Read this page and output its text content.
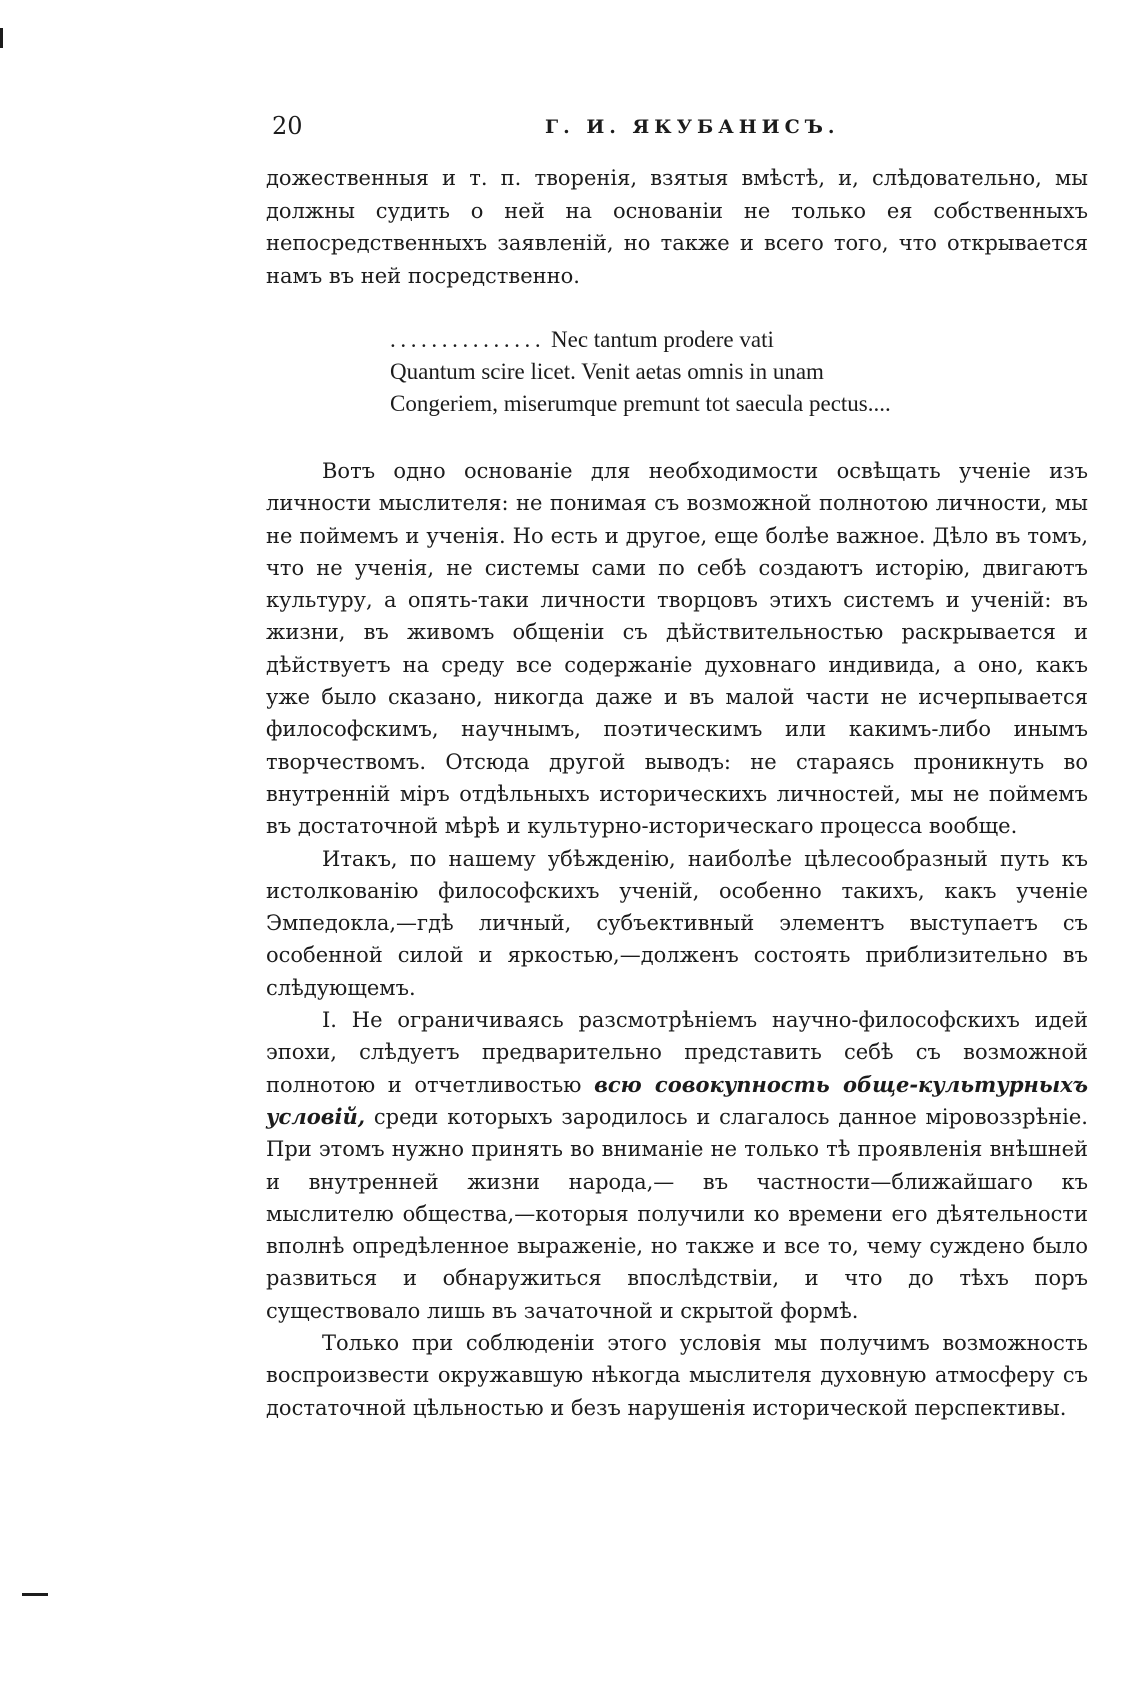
20	Г. И. ЯКУБАНИСЪ.

дожественныя и т. п. творенія, взятыя вмѣстѣ, и, слѣдовательно, мы должны судить о ней на основаніи не только ея собственныхъ непосредственныхъ заявленій, но также и всего того, что открывается намъ въ ней посредственно.

............... Nec tantum prodere vati
Quantum scire licet. Venit aetas omnis in unam
Congeriem, miserumque premunt tot saecula pectus....

Вотъ одно основаніе для необходимости освѣщать ученіе изъ личности мыслителя: не понимая съ возможной полнотою личности, мы не поймемъ и ученія. Но есть и другое, еще болѣе важное. Дѣло въ томъ, что не ученія, не системы сами по себѣ создаютъ исторію, двигаютъ культуру, а опять-таки личности творцовъ этихъ системъ и ученій: въ жизни, въ живомъ общеніи съ дѣйствительностью раскрывается и дѣйствуетъ на среду все содержаніе духовнаго индивида, а оно, какъ уже было сказано, никогда даже и въ малой части не исчерпывается философскимъ, научнымъ, поэтическимъ или какимъ-либо инымъ творчествомъ. Отсюда другой выводъ: не стараясь проникнуть во внутренній міръ отдѣльныхъ историческихъ личностей, мы не поймемъ въ достаточной мѣрѣ и культурно-историческаго процесса вообще.

Итакъ, по нашему убѣжденію, наиболѣе цѣлесообразный путь къ истолкованію философскихъ ученій, особенно такихъ, какъ ученіе Эмпедокла,—гдѣ личный, субъективный элементъ выступаетъ съ особенной силой и яркостью,—долженъ состоять приблизительно въ слѣдующемъ.

I. Не ограничиваясь разсмотрѣніемъ научно-философскихъ идей эпохи, слѣдуетъ предварительно представить себѣ съ возможной полнотою и отчетливостью всю совокупность обще-культурныхъ условій, среди которыхъ зародилось и слагалось данное міровоззрѣніе. При этомъ нужно принять во вниманіе не только тѣ проявленія внѣшней и внутренней жизни народа,— въ частности—ближайшаго къ мыслителю общества,—которыя получили ко времени его дѣятельности вполнѣ опредѣленное выраженіе, но также и все то, чему суждено было развиться и обнаружиться впослѣдствіи, и что до тѣхъ поръ существовало лишь въ зачаточной и скрытой формѣ.

Только при соблюденіи этого условія мы получимъ возможность воспроизвести окружавшую нѣкогда мыслителя духовную атмосферу съ достаточной цѣльностью и безъ нарушенія исторической перспективы.
